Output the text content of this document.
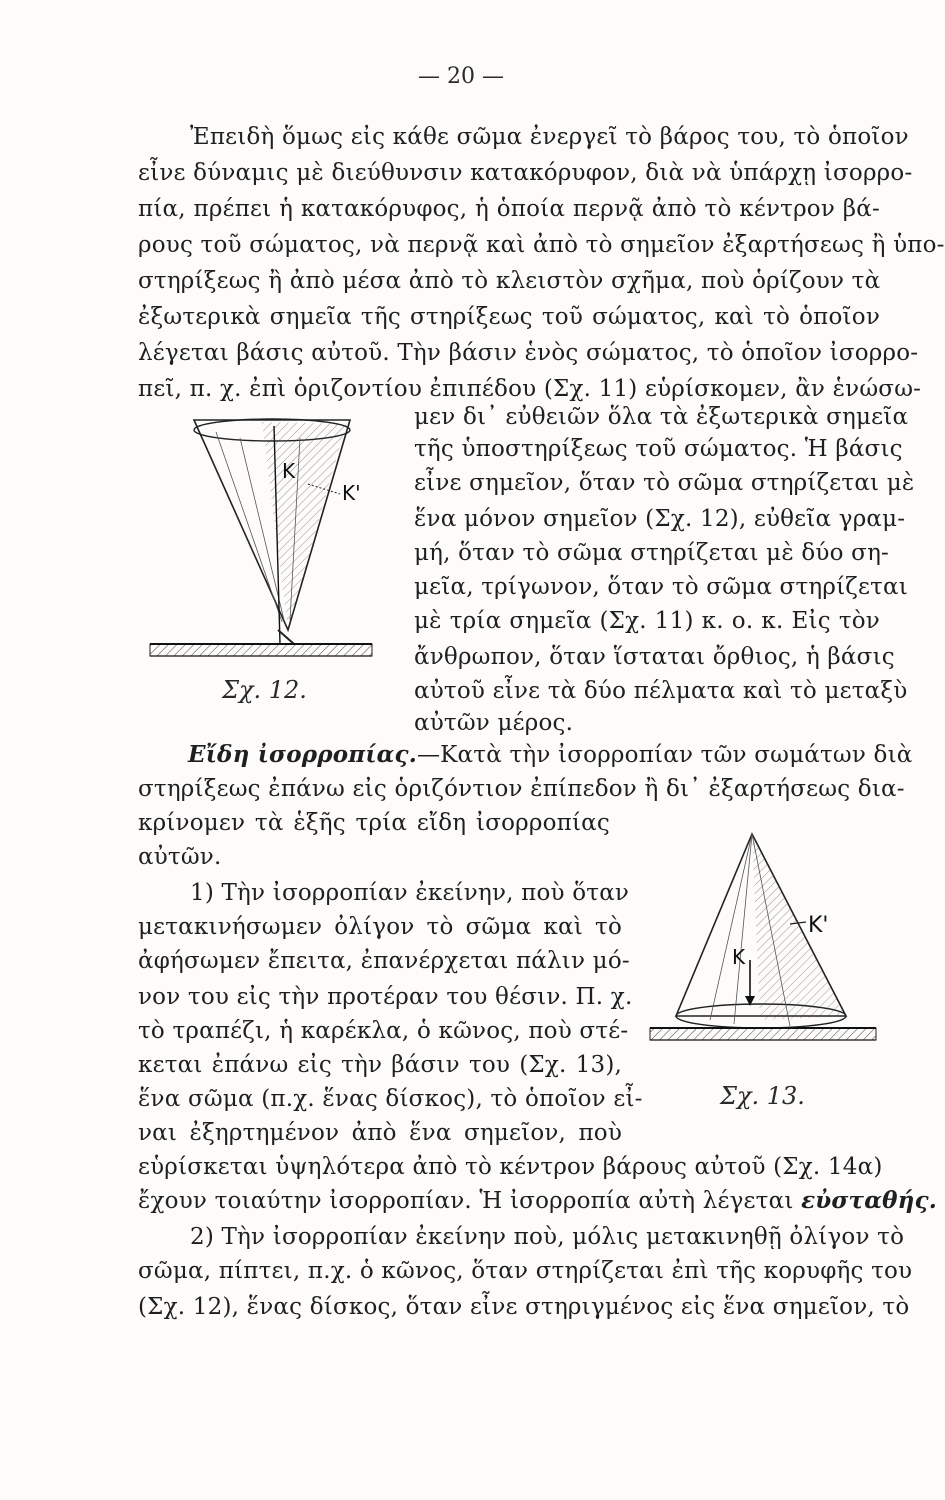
— 20 —
Ἐπειδὴ ὅμως εἰς κάθε σῶμα ἐνεργεῖ τὸ βάρος του, τὸ ὁποῖον
εἶνε δύναμις μὲ διεύθυνσιν κατακόρυφον, διὰ νὰ ὑπάρχῃ ἰσορρο-
πία, πρέπει ἡ κατακόρυφος, ἡ ὁποία περνᾷ ἀπὸ τὸ κέντρον βά-
ρους τοῦ σώματος, νὰ περνᾷ καὶ ἀπὸ τὸ σημεῖον ἐξαρτήσεως ἢ ὑπο-
στηρίξεως ἢ ἀπὸ μέσα ἀπὸ τὸ κλειστὸν σχῆμα, ποὺ ὁρίζουν τὰ
ἐξωτερικὰ σημεῖα τῆς στηρίξεως τοῦ σώματος, καὶ τὸ ὁποῖον
λέγεται βάσις αὐτοῦ. Τὴν βάσιν ἑνὸς σώματος, τὸ ὁποῖον ἰσορρο-
πεῖ, π. χ. ἐπὶ ὁριζοντίου ἐπιπέδου (Σχ. 11) εὑρίσκομεν, ἂν ἑνώσω-
μεν δι᾿ εὐθειῶν ὅλα τὰ ἐξωτερικὰ σημεῖα
τῆς ὑποστηρίξεως τοῦ σώματος. Ἡ βάσις
εἶνε σημεῖον, ὅταν τὸ σῶμα στηρίζεται μὲ
ἕνα μόνον σημεῖον (Σχ. 12), εὐθεῖα γραμ-
μή, ὅταν τὸ σῶμα στηρίζεται μὲ δύο ση-
μεῖα, τρίγωνον, ὅταν τὸ σῶμα στηρίζεται
μὲ τρία σημεῖα (Σχ. 11) κ. ο. κ. Εἰς τὸν
ἄνθρωπον, ὅταν ἵσταται ὄρθιος, ἡ βάσις
αὐτοῦ εἶνε τὰ δύο πέλματα καὶ τὸ μεταξὺ
αὐτῶν μέρος.
K
K'
Σχ. 12.
Εἴδη ἰσορροπίας.—Κατὰ τὴν ἰσορροπίαν τῶν σωμάτων διὰ
στηρίξεως ἐπάνω εἰς ὁριζόντιον ἐπίπεδον ἢ δι᾿ ἐξαρτήσεως δια-
κρίνομεν τὰ ἑξῆς τρία εἴδη ἰσορροπίας
αὐτῶν.
1) Τὴν ἰσορροπίαν ἐκείνην, ποὺ ὅταν
μετακινήσωμεν ὀλίγον τὸ σῶμα καὶ τὸ
ἀφήσωμεν ἔπειτα, ἐπανέρχεται πάλιν μό-
νον του εἰς τὴν προτέραν του θέσιν. Π. χ.
τὸ τραπέζι, ἡ καρέκλα, ὁ κῶνος, ποὺ στέ-
κεται ἐπάνω εἰς τὴν βάσιν του (Σχ. 13),
ἕνα σῶμα (π.χ. ἕνας δίσκος), τὸ ὁποῖον εἶ-
ναι ἐξηρτημένον ἀπὸ ἕνα σημεῖον, ποὺ
K
K'
Σχ. 13.
εὑρίσκεται ὑψηλότερα ἀπὸ τὸ κέντρον βάρους αὐτοῦ (Σχ. 14α)
ἔχουν τοιαύτην ἰσορροπίαν. Ἡ ἰσορροπία αὐτὴ λέγεται εὐσταθής.
2) Τὴν ἰσορροπίαν ἐκείνην ποὺ, μόλις μετακινηθῇ ὀλίγον τὸ
σῶμα, πίπτει, π.χ. ὁ κῶνος, ὅταν στηρίζεται ἐπὶ τῆς κορυφῆς του
(Σχ. 12), ἕνας δίσκος, ὅταν εἶνε στηριγμένος εἰς ἕνα σημεῖον, τὸ
